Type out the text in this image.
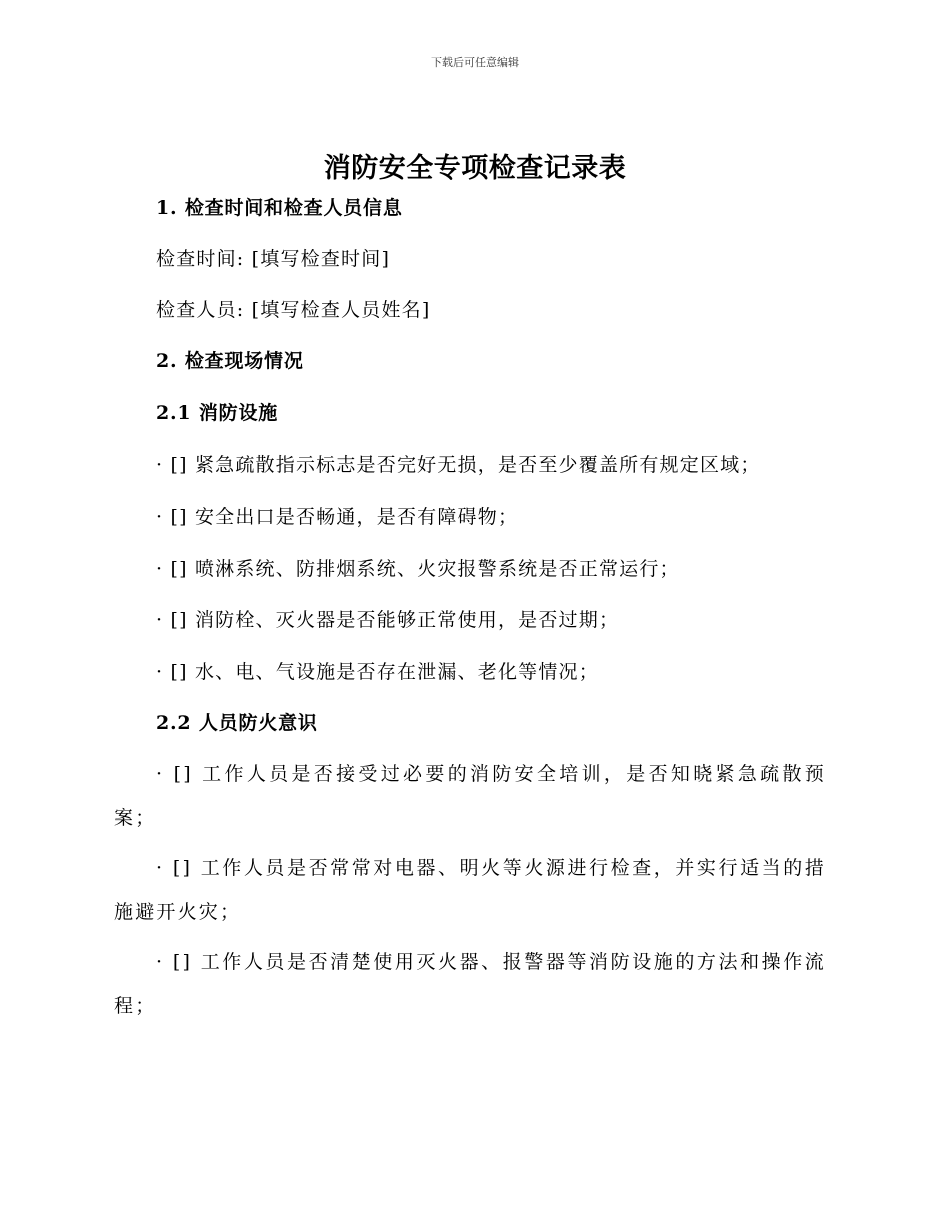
下载后可任意编辑
消防安全专项检查记录表
1. 检查时间和检查人员信息
检查时间: [填写检查时间]
检查人员: [填写检查人员姓名]
2. 检查现场情况
2.1 消防设施
· [] 紧急疏散指示标志是否完好无损，是否至少覆盖所有规定区域；
· [] 安全出口是否畅通，是否有障碍物；
· [] 喷淋系统、防排烟系统、火灾报警系统是否正常运行；
· [] 消防栓、灭火器是否能够正常使用，是否过期；
· [] 水、电、气设施是否存在泄漏、老化等情况；
2.2 人员防火意识
· [] 工作人员是否接受过必要的消防安全培训，是否知晓紧急疏散预案；
· [] 工作人员是否常常对电器、明火等火源进行检查，并实行适当的措施避开火灾；
· [] 工作人员是否清楚使用灭火器、报警器等消防设施的方法和操作流程；
